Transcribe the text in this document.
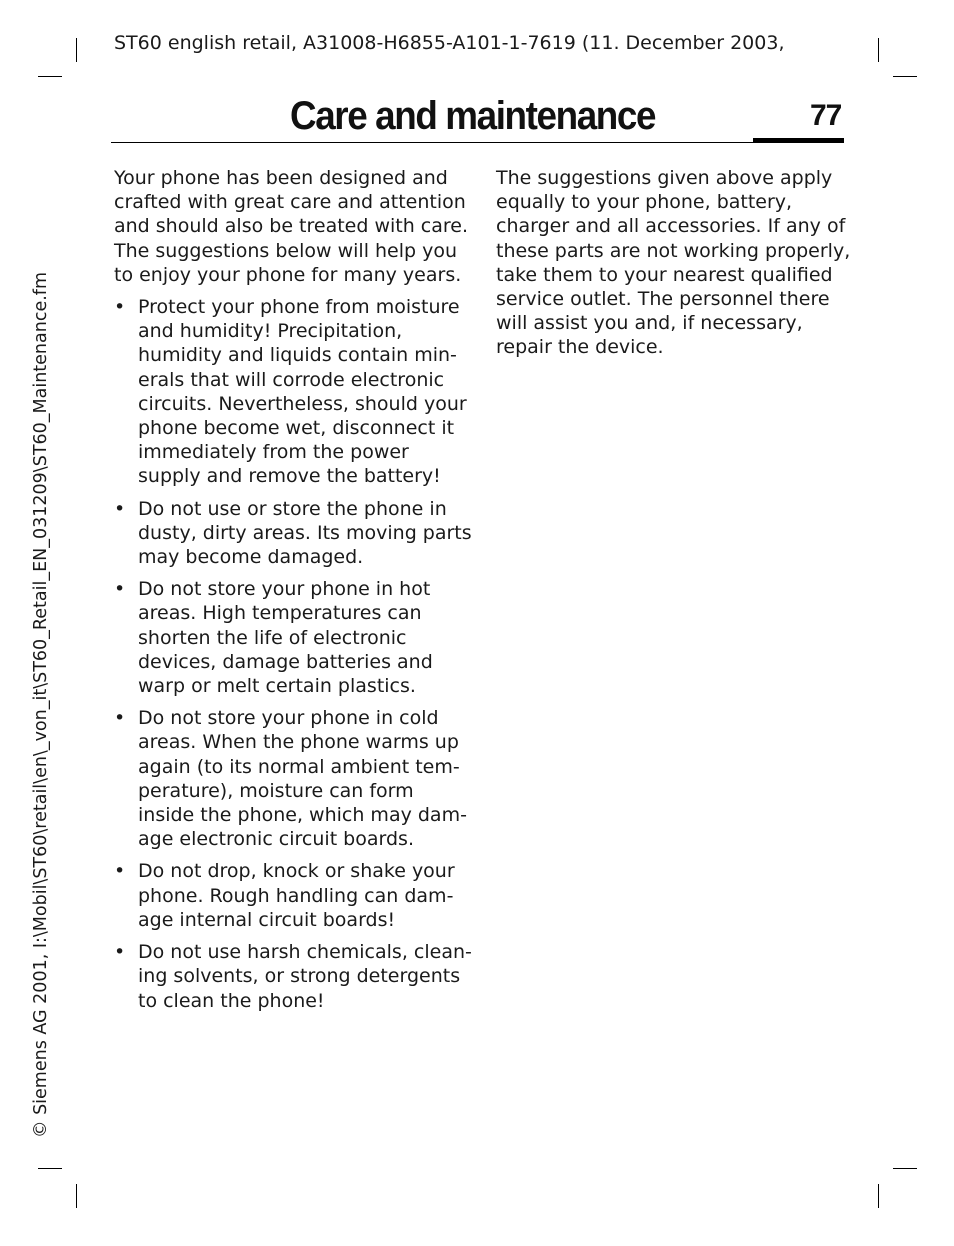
ST60 english retail, A31008-H6855-A101-1-7619 (11. December 2003,
Care and maintenance	77
© Siemens AG 2001, I:\Mobil\ST60\retail\en\_von_it\ST60_Retail_EN_031209\ST60_Maintenance.fm

Your phone has been designed and
crafted with great care and attention
and should also be treated with care.
The suggestions below will help you
to enjoy your phone for many years.

• Protect your phone from moisture
and humidity! Precipitation,
humidity and liquids contain min-
erals that will corrode electronic
circuits. Nevertheless, should your
phone become wet, disconnect it
immediately from the power
supply and remove the battery!
• Do not use or store the phone in
dusty, dirty areas. Its moving parts
may become damaged.
• Do not store your phone in hot
areas. High temperatures can
shorten the life of electronic
devices, damage batteries and
warp or melt certain plastics.
• Do not store your phone in cold
areas. When the phone warms up
again (to its normal ambient tem-
perature), moisture can form
inside the phone, which may dam-
age electronic circuit boards.
• Do not drop, knock or shake your
phone. Rough handling can dam-
age internal circuit boards!
• Do not use harsh chemicals, clean-
ing solvents, or strong detergents
to clean the phone!

The suggestions given above apply
equally to your phone, battery,
charger and all accessories. If any of
these parts are not working properly,
take them to your nearest qualified
service outlet. The personnel there
will assist you and, if necessary,
repair the device.
